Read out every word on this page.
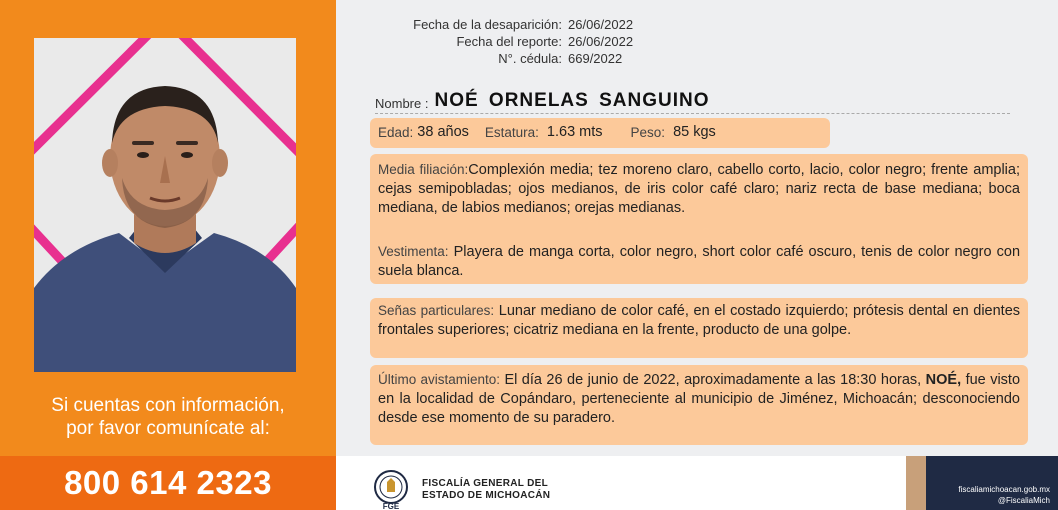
Si cuentas con información,
por favor comunícate al:
800 614 2323
Fecha de la desaparición: 26/06/2022
Fecha del reporte: 26/06/2022
N°. cédula: 669/2022
Nombre : NOÉ ORNELAS SANGUINO
Edad: 38 años Estatura: 1.63 mts Peso: 85 kgs

Media filiación:Complexión media; tez moreno claro, cabello corto, lacio, color negro; frente amplia; cejas semipobladas; ojos medianos, de iris color café claro; nariz recta de base mediana; boca mediana, de labios medianos; orejas medianas.

Vestimenta: Playera de manga corta, color negro, short color café oscuro, tenis de color negro con suela blanca.

Señas particulares: Lunar mediano de color café, en el costado izquierdo; prótesis dental en dientes frontales superiores; cicatriz mediana en la frente, producto de una golpe.
Último avistamiento: El día 26 de junio de 2022, aproximadamente a las 18:30 horas, NOÉ, fue visto en la localidad de Copándaro, perteneciente al municipio de Jiménez, Michoacán; desconociendo desde ese momento de su paradero.
FGE
FISCALÍA GENERAL DEL
ESTADO DE MICHOACÁN
fiscaliamichoacan.gob.mx
@FiscaliaMich
